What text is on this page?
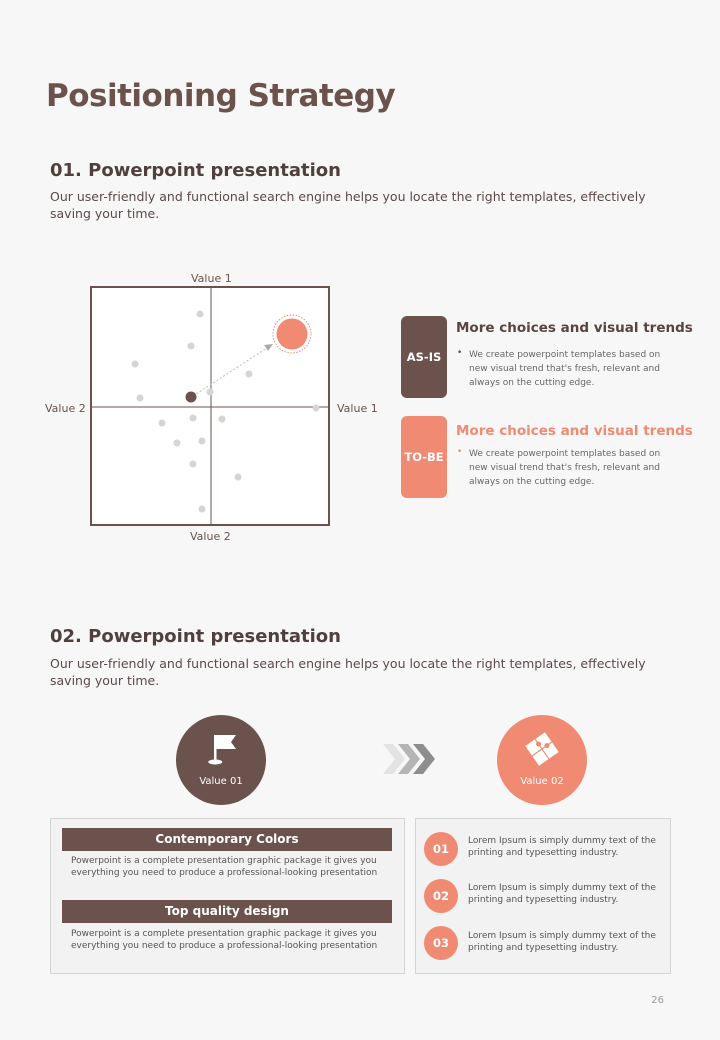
Positioning Strategy
01. Powerpoint presentation
Our user-friendly and functional search engine helps you locate the right templates, effectively saving your time.
Value 1
Value 2
Value 2	Value 1
AS-IS
More choices and visual trends
• We create powerpoint templates based on new visual trend that's fresh, relevant and always on the cutting edge.
TO-BE
More choices and visual trends
• We create powerpoint templates based on new visual trend that's fresh, relevant and always on the cutting edge.
02. Powerpoint presentation
Our user-friendly and functional search engine helps you locate the right templates, effectively saving your time.
Value 01	Value 02
Contemporary Colors
Powerpoint is a complete presentation graphic package it gives you everything you need to produce a professional-looking presentation
Top quality design
Powerpoint is a complete presentation graphic package it gives you everything you need to produce a professional-looking presentation
01
Lorem Ipsum is simply dummy text of the printing and typesetting industry.
02
Lorem Ipsum is simply dummy text of the printing and typesetting industry.
03	Lorem Ipsum is simply dummy text of the printing and typesetting industry.
26
